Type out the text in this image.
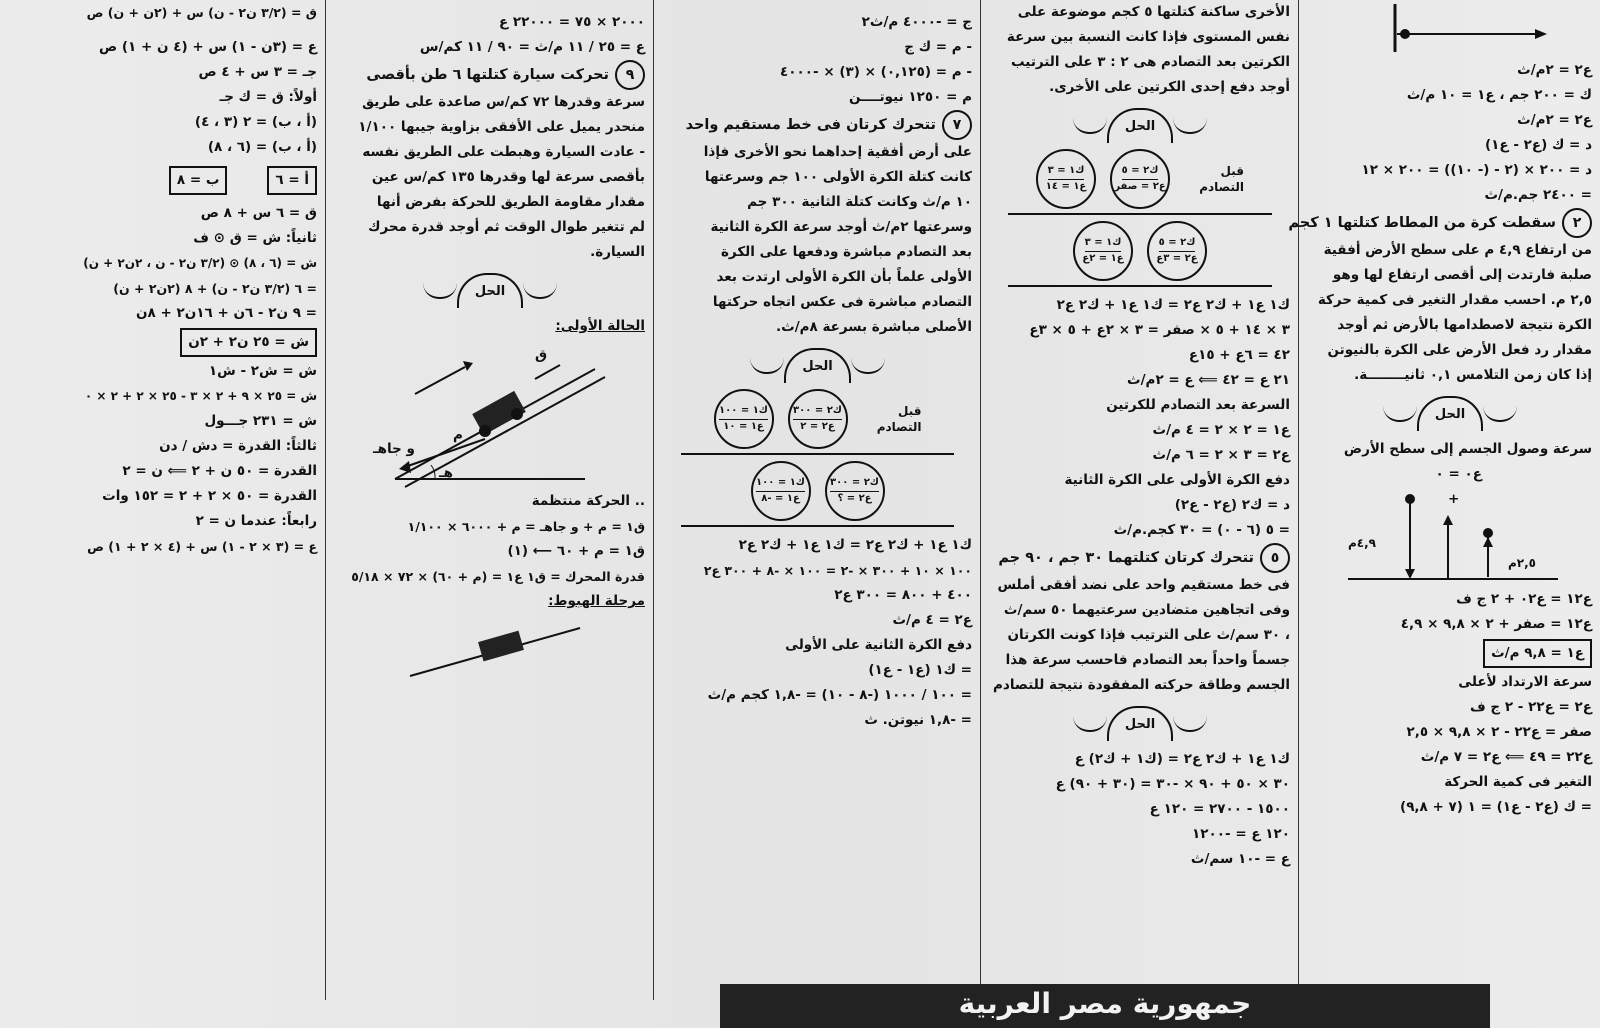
ع٢ = ٢م/ث
ك = ٢٠٠ جم ، ع١ = ١٠ م/ث
ع٢ = ٢م/ث
د = ك (ع٢ - ع١)
د = ٢٠٠ × (٢ - (- ١٠)) = ٢٠٠ × ١٢
= ٢٤٠٠ جم.م/ث
٢
سقطت كرة من المطاط كتلتها ١ كجم
من ارتفاع ٤,٩ م على سطح الأرض أفقية
صلبة فارتدت إلى أقصى ارتفاع لها وهو
٢,٥ م. احسب مقدار التغير فى كمية حركة
الكرة نتيجة لاصطدامها بالأرض ثم أوجد
مقدار رد فعل الأرض على الكرة بالنيوتن
إذا كان زمن التلامس ٠,١ ثانيــــــــة.
الحل
سرعة وصول الجسم إلى سطح الأرض
ع٠ = ٠
+
٤,٩م
٢,٥م
ع١٢ = ع٠٢ + ٢ ج ف
ع١٢ = صفر + ٢ × ٩,٨ × ٤,٩
ع١ = ٩,٨ م/ث
سرعة الارتداد لأعلى
ع٢ = ع٢٢ - ٢ ج ف
صفر = ع٢٢ - ٢ × ٩,٨ × ٢,٥
ع٢٢ = ٤٩ ⟸ ع٢ = ٧ م/ث
التغير فى كمية الحركة
= ك (ع٢ - ع١) = ١ (٧ + ٩,٨)
الأخرى ساكنة كتلتها ٥ كجم موضوعة على
نفس المستوى فإذا كانت النسبة بين سرعة
الكرتين بعد التصادم هى ٢ : ٣ على الترتيب
أوجد دفع إحدى الكرتين على الأخرى.
الحل
قبل التصادم
ك٢ = ٥
ع٢ = صفر
ك١ = ٣
ع١ = ١٤
ك٢ = ٥
ع٢ = ٣ع
ك١ = ٣
ع١ = ٢ع
ك١ ع١ + ك٢ ع٢ = ك١ ع١ + ك٢ ع٢
٣ × ١٤ + ٥ × صفر = ٣ × ٢ع + ٥ × ٣ع
٤٢ = ٦ع + ١٥ع
٢١ ع = ٤٢ ⟸ ع = ٢م/ث
السرعة بعد التصادم للكرتين
ع١ = ٢ × ٢ = ٤ م/ث
ع٢ = ٣ × ٢ = ٦ م/ث
دفع الكرة الأولى على الكرة الثانية
د = ك٢ (ع٢ - ع٢)
= ٥ (٦ - ٠) = ٣٠ كجم.م/ث
٥
تتحرك كرتان كتلتهما ٣٠ جم ، ٩٠ جم
فى خط مستقيم واحد على نضد أفقى أملس
وفى اتجاهين متضادين سرعتيهما ٥٠ سم/ث
، ٣٠ سم/ث على الترتيب فإذا كونت الكرتان
جسماً واحداً بعد التصادم فاحسب سرعة هذا
الجسم وطاقة حركته المفقودة نتيجة للتصادم
الحل
ك١ ع١ + ك٢ ع٢ = (ك١ + ك٢) ع
٣٠ × ٥٠ + ٩٠ × -٣٠ = (٣٠ + ٩٠) ع
١٥٠٠ - ٢٧٠٠ = ١٢٠ ع
١٢٠ ع = -١٢٠٠
ع = -١٠ سم/ث
ج = -٤٠٠٠ م/ث٢
- م = ك ج
- م = (٠,١٢٥) × (٣) × -٤٠٠٠
م = ١٢٥٠ نيوتــــن
٧
تتحرك كرتان فى خط مستقيم واحد
على أرض أفقية إحداهما نحو الأخرى فإذا
كانت كتلة الكرة الأولى ١٠٠ جم وسرعتها
١٠ م/ث وكانت كتلة الثانية ٣٠٠ جم
وسرعتها ٢م/ث أوجد سرعة الكرة الثانية
بعد التصادم مباشرة ودفعها على الكرة
الأولى علماً بأن الكرة الأولى ارتدت بعد
التصادم مباشرة فى عكس اتجاه حركتها
الأصلى مباشرة بسرعة ٨م/ث.
الحل
قبل التصادم
ك٢ = ٣٠٠
ع٢ = ٢
ك١ = ١٠٠
ع١ = ١٠
ك٢ = ٣٠٠
ع٢ = ؟
ك١ = ١٠٠
ع١ = -٨
ك١ ع١ + ك٢ ع٢ = ك١ ع١ + ك٢ ع٢
١٠٠ × ١٠ + ٣٠٠ × -٢ = ١٠٠ × -٨ + ٣٠٠ ع٢
٤٠٠ + ٨٠٠ = ٣٠٠ ع٢
ع٢ = ٤ م/ث
دفع الكرة الثانية على الأولى
= ك١ (ع١ - ع١)
= ١٠٠ / ١٠٠٠ (-٨ - ١٠) = -١,٨ كجم م/ث
= -١,٨ نيوتن. ث
٢٠٠٠ × ٧٥ = ٢٢٠٠٠ ع
ع = ٢٥ / ١١ م/ث = ٩٠ / ١١ كم/س
٩
تحركت سيارة كتلتها ٦ طن بأقصى
سرعة وقدرها ٧٢ كم/س صاعدة على طريق
منحدر يميل على الأفقى بزاوية جيبها ١/١٠٠
- عادت السيارة وهبطت على الطريق نفسه
بأقصى سرعة لها وقدرها ١٣٥ كم/س عين
مقدار مقاومة الطريق للحركة بفرض أنها
لم تتغير طوال الوقت ثم أوجد قدرة محرك
السيارة.
الحل
الحالة الأولى:
ق
و جاهـ
م
هـ
.. الحركة منتظمة
ق١ = م + و جاهـ = م + ٦٠٠٠ × ١/١٠٠
ق١ = م + ٦٠ ⟵ (١)
قدرة المحرك = ق١ ع١ = (م + ٦٠) × ٧٢ × ٥/١٨
مرحلة الهبوط:
ق = (٣/٢ ن٢ - ن) س + (٢ن + ن) ص
ع = (٣ن - ١) س + (٤ ن + ١) ص
جـ = ٣ س + ٤ ص
أولاً: ق = ك جـ
(أ ، ب) = ٢ (٣ ، ٤)
(أ ، ب) = (٦ ، ٨)
أ = ٦
ب = ٨
ق = ٦ س + ٨ ص
ثانياً: ش = ق ⊙ ف
ش = (٦ ، ٨) ⊙ (٣/٢ ن٢ - ن ، ٢ن٢ + ن)
= ٦ (٣/٢ ن٢ - ن) + ٨ (٢ن٢ + ن)
= ٩ ن٢ - ٦ن + ١٦ن٢ + ٨ن
ش = ٢٥ ن٢ + ٢ن
ش = ش٢ - ش١
ش = ٢٥ × ٩ + ٢ × ٣ - ٢٥ × ٢ + ٢ × ٠
ش = ٢٣١ جـــول
ثالثاً: القدرة = دش / دن
القدرة = ٥٠ ن + ٢ ⟸ ن = ٢
القدرة = ٥٠ × ٢ + ٢ = ١٥٢ وات
رابعاً: عندما ن = ٢
ع = (٣ × ٢ - ١) س + (٤ × ٢ + ١) ص
جمهورية مصر العربية
